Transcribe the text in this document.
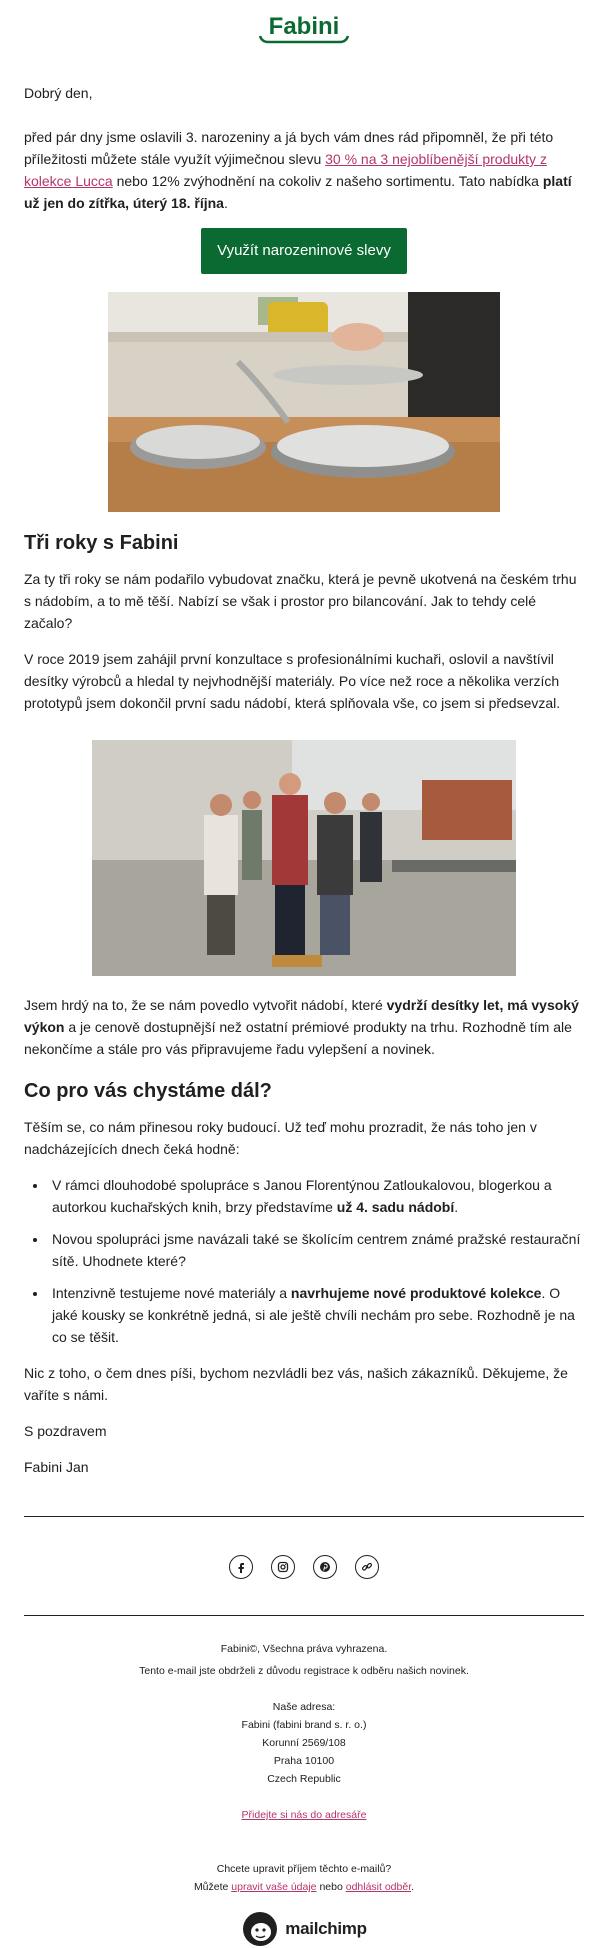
Fabini

Dobrý den,

před pár dny jsme oslavili 3. narozeniny a já bych vám dnes rád připomněl, že při této příležitosti můžete stále využít výjimečnou slevu 30 % na 3 nejoblíbenější produkty z kolekce Lucca nebo 12% zvýhodnění na cokoliv z našeho sortimentu. Tato nabídka platí už jen do zítřka, úterý 18. října.

Využít narozeninové slevy
Tři roky s Fabini

Za ty tři roky se nám podařilo vybudovat značku, která je pevně ukotvená na českém trhu s nádobím, a to mě těší. Nabízí se však i prostor pro bilancování. Jak to tehdy celé začalo?

V roce 2019 jsem zahájil první konzultace s profesionálními kuchaři, oslovil a navštívil desítky výrobců a hledal ty nejvhodnější materiály. Po více než roce a několika verzích prototypů jsem dokončil první sadu nádobí, která splňovala vše, co jsem si předsevzal.

Jsem hrdý na to, že se nám povedlo vytvořit nádobí, které vydrží desítky let, má vysoký výkon a je cenově dostupnější než ostatní prémiové produkty na trhu. Rozhodně tím ale nekončíme a stále pro vás připravujeme řadu vylepšení a novinek.

Co pro vás chystáme dál?

Těším se, co nám přinesou roky budoucí. Už teď mohu prozradit, že nás toho jen v nadcházejících dnech čeká hodně:

• V rámci dlouhodobé spolupráce s Janou Florentýnou Zatloukalovou, blogerkou a autorkou kuchařských knih, brzy představíme už 4. sadu nádobí.
• Novou spolupráci jsme navázali také se školícím centrem známé pražské restaurační sítě. Uhodnete které?
• Intenzivně testujeme nové materiály a navrhujeme nové produktové kolekce. O jaké kousky se konkrétně jedná, si ale ještě chvíli nechám pro sebe. Rozhodně je na co se těšit.

Nic z toho, o čem dnes píši, bychom nezvládli bez vás, našich zákazníků. Děkujeme, že vaříte s námi.

S pozdravem

Fabini Jan

Fabini©, Všechna práva vyhrazena.

Tento e-mail jste obdrželi z důvodu registrace k odběru našich novinek.

Naše adresa:

Fabini (fabini brand s. r. o.)

Korunní 2569/108

Praha 10100

Czech Republic

Přidejte si nás do adresáře

Chcete upravit příjem těchto e-mailů?

Můžete upravit vaše údaje nebo odhlásit odběr.

mailchimp
